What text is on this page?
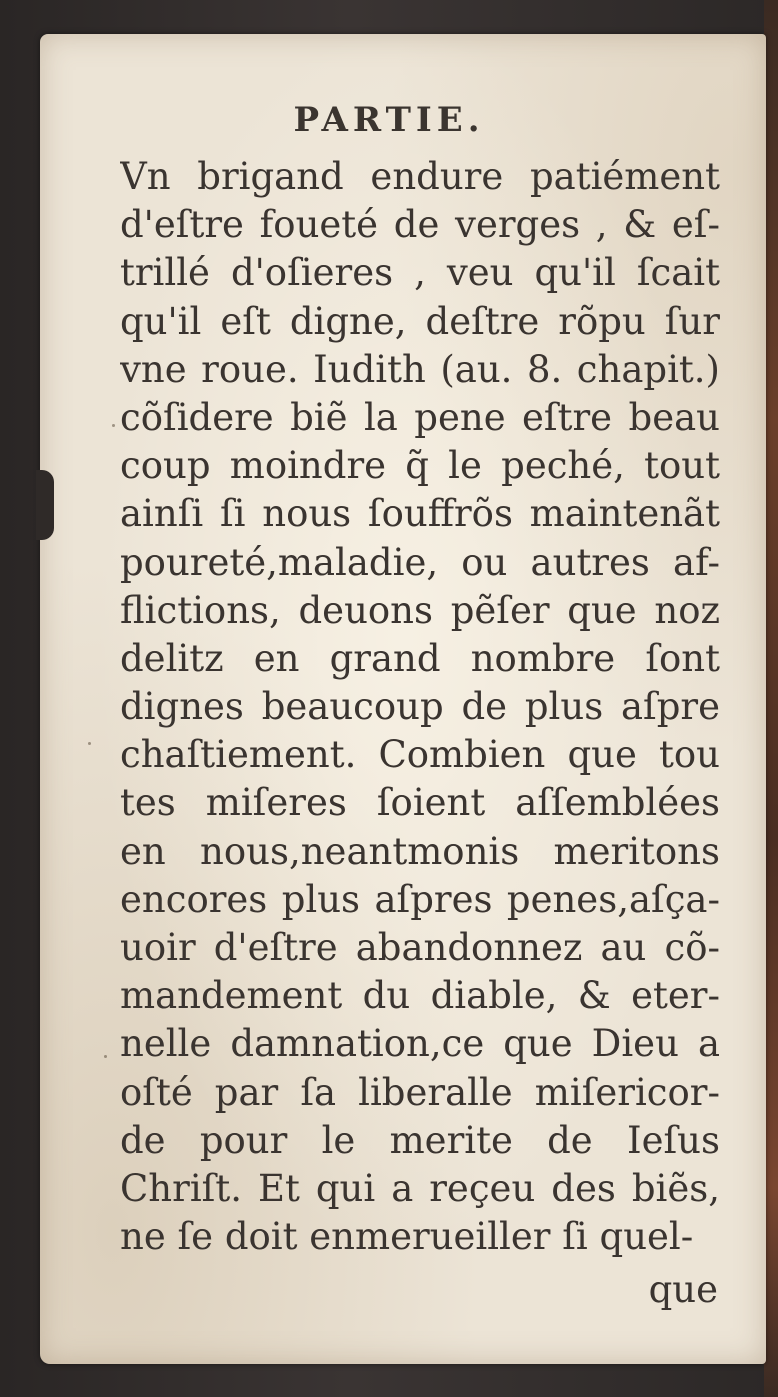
PARTIE.
Vn brigand endure patiément
d'eſtre foueté de verges , & eſ-
trillé d'oſieres , veu qu'il ſcait
qu'il eſt digne, deſtre rõpu ſur
vne roue. Iudith (au. 8. chapit.)
cõſidere biẽ la pene eſtre beau
coup moindre q̃ le peché, tout
ainſi ſi nous ſouffrõs maintenãt
poureté,maladie, ou autres af-
flictions, deuons pẽſer que noz
delitz en grand nombre ſont
dignes beaucoup de plus aſpre
chaſtiement. Combien que tou
tes miſeres ſoient aſſemblées
en nous,neantmonis meritons
encores plus aſpres penes,aſça-
uoir d'eſtre abandonnez au cõ-
mandement du diable, & eter-
nelle damnation,ce que Dieu a
oſté par ſa liberalle miſericor-
de pour le merite de Ieſus
Chriſt. Et qui a reçeu des biẽs,
ne ſe doit enmerueiller ſi quel-

que
